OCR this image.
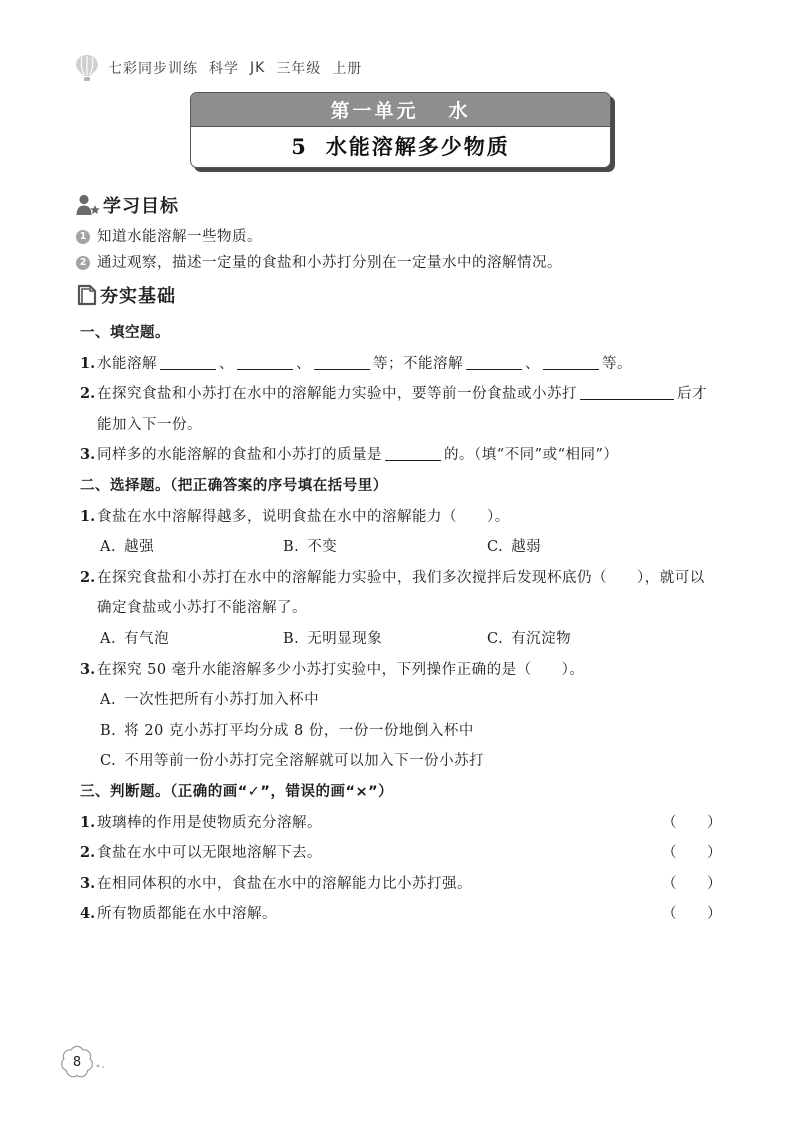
七彩同步训练 科学 JK 三年级 上册
第一单元 水
5 水能溶解多少物质
学习目标
1 知道水能溶解一些物质。
2 通过观察，描述一定量的食盐和小苏打分别在一定量水中的溶解情况。
夯实基础
一、填空题。
1. 水能溶解	、	、	等；不能溶解	、	等。
2. 在探究食盐和小苏打在水中的溶解能力实验中，要等前一份食盐或小苏打	后才
能加入下一份。
3. 同样多的水能溶解的食盐和小苏打的质量是	的。（填“不同”或“相同”）
二、选择题。（把正确答案的序号填在括号里）
1. 食盐在水中溶解得越多，说明食盐在水中的溶解能力（　　）。
A. 越强	B. 不变	C. 越弱
2. 在探究食盐和小苏打在水中的溶解能力实验中，我们多次搅拌后发现杯底仍（　　），就可以
确定食盐或小苏打不能溶解了。
A. 有气泡	B. 无明显现象	C. 有沉淀物
3. 在探究 50 毫升水能溶解多少小苏打实验中，下列操作正确的是（　　）。
A. 一次性把所有小苏打加入杯中
B. 将 20 克小苏打平均分成 8 份，一份一份地倒入杯中
C. 不用等前一份小苏打完全溶解就可以加入下一份小苏打
三、判断题。（正确的画“✓”，错误的画“×”）
1. 玻璃棒的作用是使物质充分溶解。	（　　）
2. 食盐在水中可以无限地溶解下去。	（　　）
3. 在相同体积的水中，食盐在水中的溶解能力比小苏打强。	（　　）
4. 所有物质都能在水中溶解。	（　　）
8
